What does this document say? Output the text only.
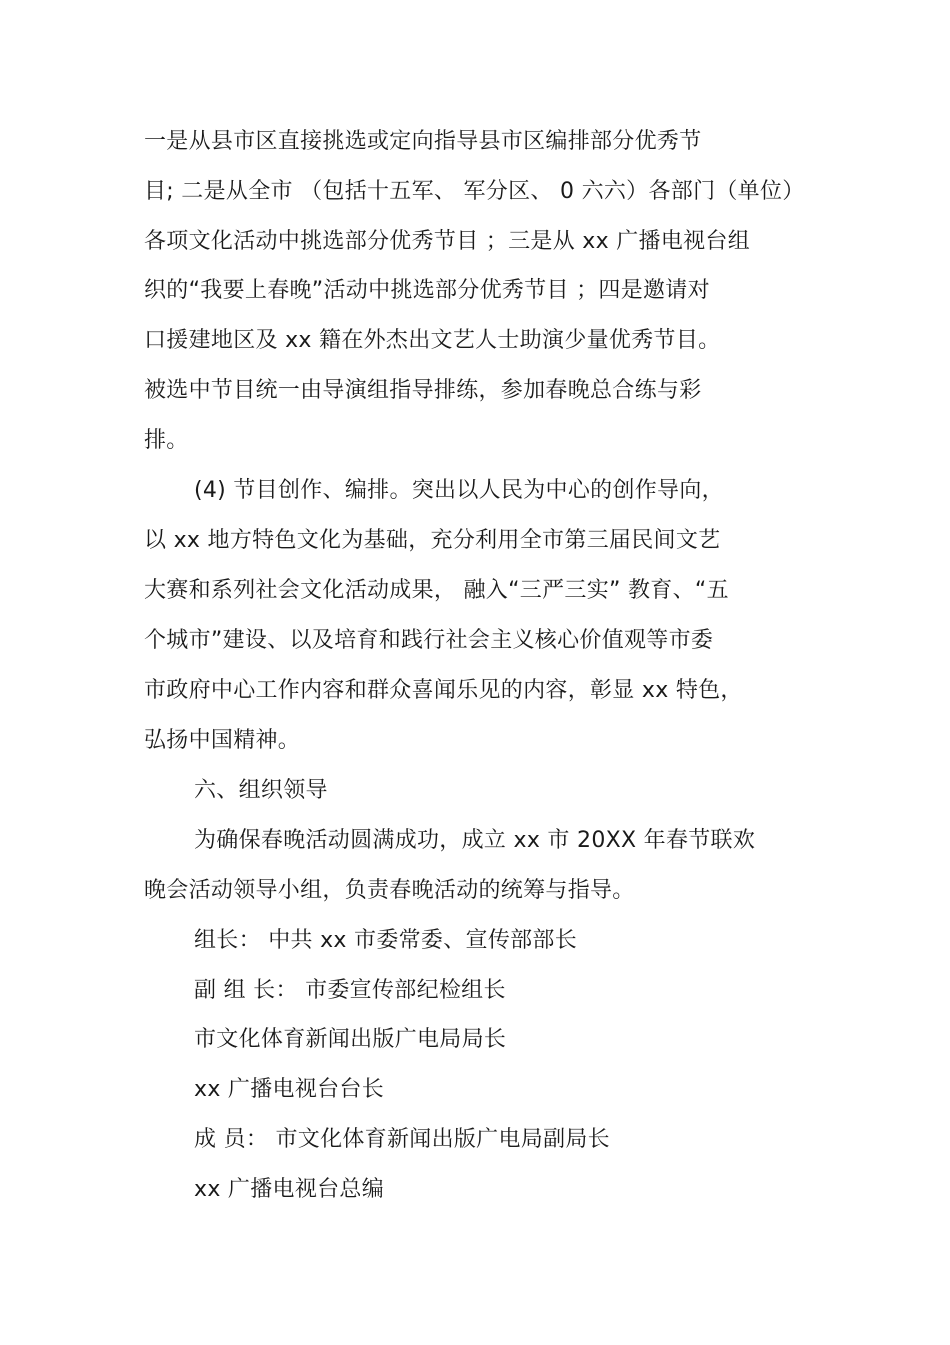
一是从县市区直接挑选或定向指导县市区编排部分优秀节
目; 二是从全市 （包括十五军、 军分区、 0 六六）各部门（单位）
各项文化活动中挑选部分优秀节目 ；三是从 xx 广播电视台组
织的“我要上春晚”活动中挑选部分优秀节目 ；四是邀请对
口援建地区及 xx 籍在外杰出文艺人士助演少量优秀节目。
被选中节目统一由导演组指导排练，参加春晚总合练与彩
排。
(4) 节目创作、编排。突出以人民为中心的创作导向，
以 xx 地方特色文化为基础，充分利用全市第三届民间文艺
大赛和系列社会文化活动成果， 融入“三严三实” 教育、“五
个城市”建设、以及培育和践行社会主义核心价值观等市委
市政府中心工作内容和群众喜闻乐见的内容，彰显 xx 特色，
弘扬中国精神。
六、组织领导
为确保春晚活动圆满成功，成立 xx 市 20XX 年春节联欢
晚会活动领导小组，负责春晚活动的统筹与指导。
组长： 中共 xx 市委常委、宣传部部长
副 组 长： 市委宣传部纪检组长
市文化体育新闻出版广电局局长
xx 广播电视台台长
成 员： 市文化体育新闻出版广电局副局长
xx 广播电视台总编
